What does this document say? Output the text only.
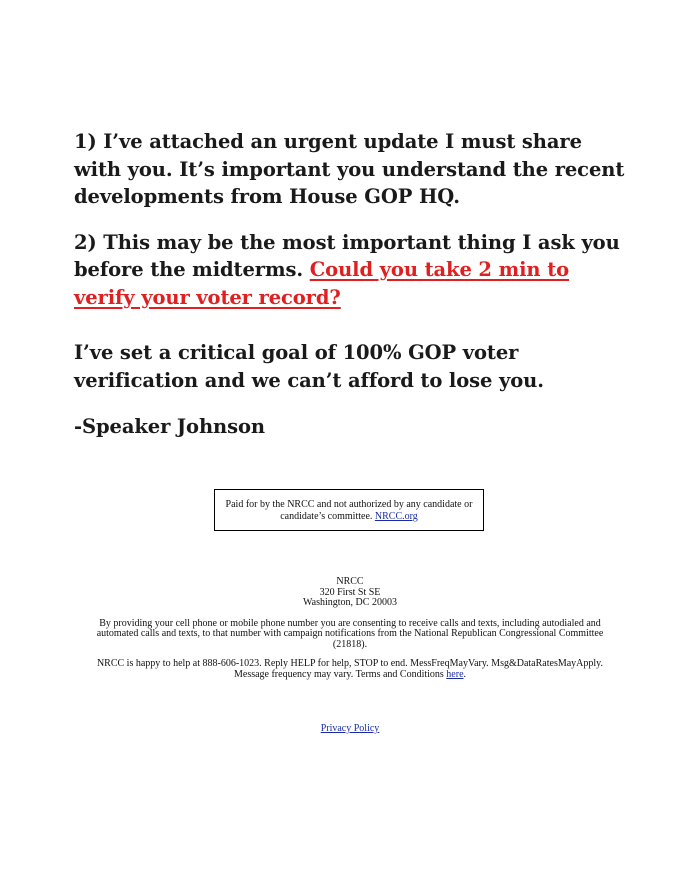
1) I’ve attached an urgent update I must share with you. It’s important you understand the recent developments from House GOP HQ.

2) This may be the most important thing I ask you before the midterms. Could you take 2 min to verify your voter record?

I’ve set a critical goal of 100% GOP voter verification and we can’t afford to lose you.

-Speaker Johnson

Paid for by the NRCC and not authorized by any candidate or candidate’s committee. NRCC.org

NRCC

320 First St SE

Washington, DC 20003

By providing your cell phone or mobile phone number you are consenting to receive calls and texts, including autodialed and automated calls and texts, to that number with campaign notifications from the National Republican Congressional Committee (21818).

NRCC is happy to help at 888-606-1023. Reply HELP for help, STOP to end. MessFreqMayVary. Msg&DataRatesMayApply. Message frequency may vary. Terms and Conditions here.

Privacy Policy
